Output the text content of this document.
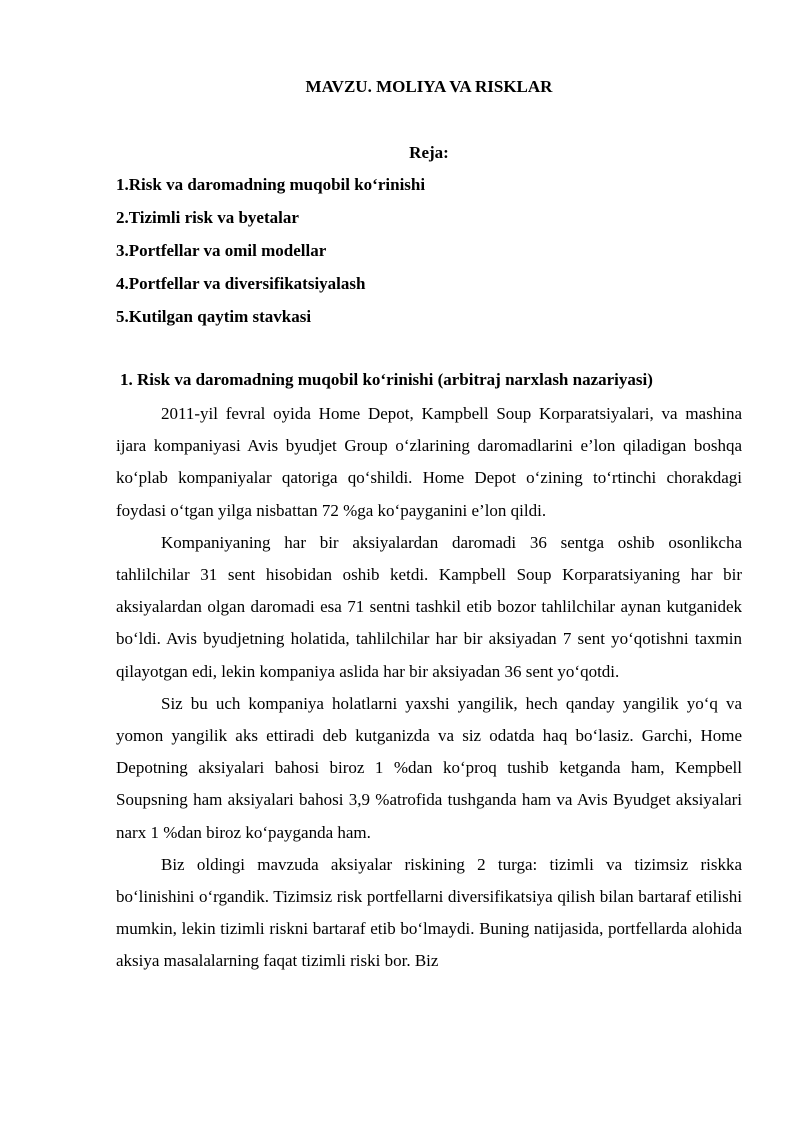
MAVZU. MOLIYA VA RISKLAR
Reja:
1.Risk va daromadning muqobil ko‘rinishi
2.Tizimli risk va byetalar
3.Portfellar va omil modellar
4.Portfellar va diversifikatsiyalash
5.Kutilgan qaytim stavkasi
1. Risk va daromadning muqobil ko‘rinishi (arbitraj narxlash nazariyasi)

2011-yil fevral oyida Home Depot, Kampbell Soup Korparatsiyalari, va mashina ijara kompaniyasi Avis byudjet Group o‘zlarining daromadlarini e’lon qiladigan boshqa ko‘plab kompaniyalar qatoriga qo‘shildi. Home Depot o‘zining to‘rtinchi chorakdagi foydasi o‘tgan yilga nisbattan 72 %ga ko‘payganini e’lon qildi.

Kompaniyaning har bir aksiyalardan daromadi 36 sentga oshib osonlikcha tahlilchilar 31 sent hisobidan oshib ketdi. Kampbell Soup Korparatsiyaning har bir aksiyalardan olgan daromadi esa 71 sentni tashkil etib bozor tahlilchilar aynan kutganidek bo‘ldi. Avis byudjetning holatida, tahlilchilar har bir aksiyadan 7 sent yo‘qotishni taxmin qilayotgan edi, lekin kompaniya aslida har bir aksiyadan 36 sent yo‘qotdi.

Siz bu uch kompaniya holatlarni yaxshi yangilik, hech qanday yangilik yo‘q va yomon yangilik aks ettiradi deb kutganizda va siz odatda haq bo‘lasiz. Garchi, Home Depotning aksiyalari bahosi biroz 1 %dan ko‘proq tushib ketganda ham, Kempbell Soupsning ham aksiyalari bahosi 3,9 %atrofida tushganda ham va Avis Byudget aksiyalari narx 1 %dan biroz ko‘payganda ham.

Biz oldingi mavzuda aksiyalar riskining 2 turga: tizimli va tizimsiz riskka bo‘linishini o‘rgandik. Tizimsiz risk portfellarni diversifikatsiya qilish bilan bartaraf etilishi mumkin, lekin tizimli riskni bartaraf etib bo‘lmaydi. Buning natijasida, portfellarda alohida aksiya masalalarning faqat tizimli riski bor. Biz
